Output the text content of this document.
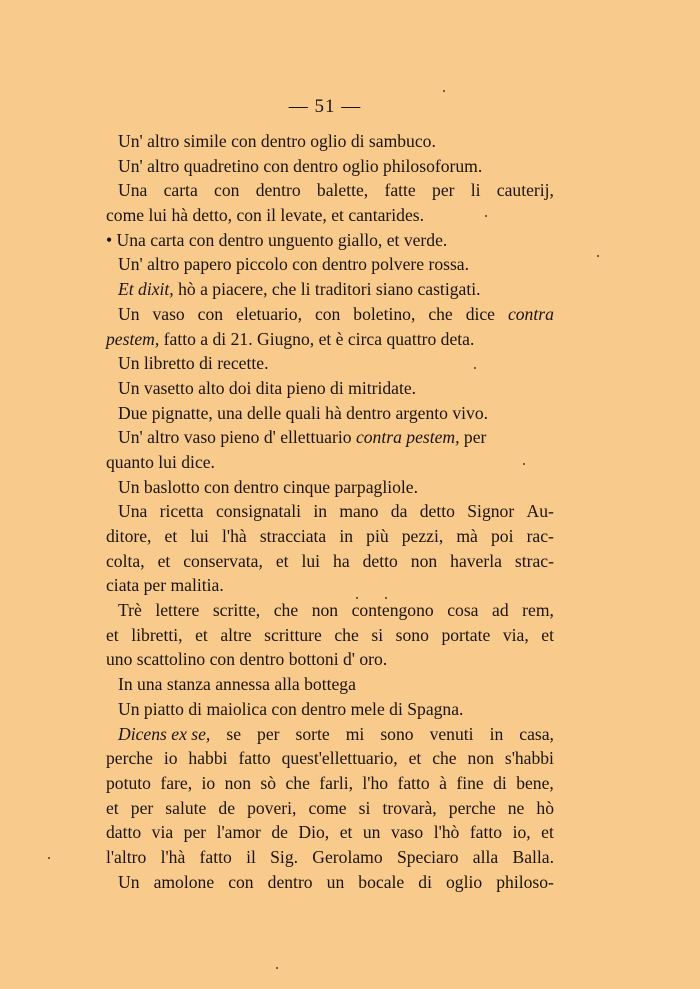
— 51 —
Un' altro simile con dentro oglio di sambuco.
Un' altro quadretino con dentro oglio philosoforum.
Una carta con dentro balette, fatte per li cauterij,
come lui hà detto, con il levate, et cantarides.
• Una carta con dentro unguento giallo, et verde.
Un' altro papero piccolo con dentro polvere rossa.
Et dixit, hò a piacere, che li traditori siano castigati.
Un vaso con eletuario, con boletino, che dice contra
pestem, fatto a di 21. Giugno, et è circa quattro deta.
Un libretto di recette.
Un vasetto alto doi dita pieno di mitridate.
Due pignatte, una delle quali hà dentro argento vivo.
Un' altro vaso pieno d' ellettuario contra pestem, per
quanto lui dice.
Un baslotto con dentro cinque parpagliole.
Una ricetta consignatali in mano da detto Signor Au-
ditore, et lui l'hà stracciata in più pezzi, mà poi rac-
colta, et conservata, et lui ha detto non haverla strac-
ciata per malitia.
Trè lettere scritte, che non contengono cosa ad rem,
et libretti, et altre scritture che si sono portate via, et
uno scattolino con dentro bottoni d' oro.
In una stanza annessa alla bottega
Un piatto di maiolica con dentro mele di Spagna.
Dicens ex se, se per sorte mi sono venuti in casa,
perche io habbi fatto quest'ellettuario, et che non s'habbi
potuto fare, io non sò che farli, l'ho fatto à fine di bene,
et per salute de poveri, come si trovarà, perche ne hò
datto via per l'amor de Dio, et un vaso l'hò fatto io, et
l'altro l'hà fatto il Sig. Gerolamo Speciaro alla Balla.
Un amolone con dentro un bocale di oglio philoso-
